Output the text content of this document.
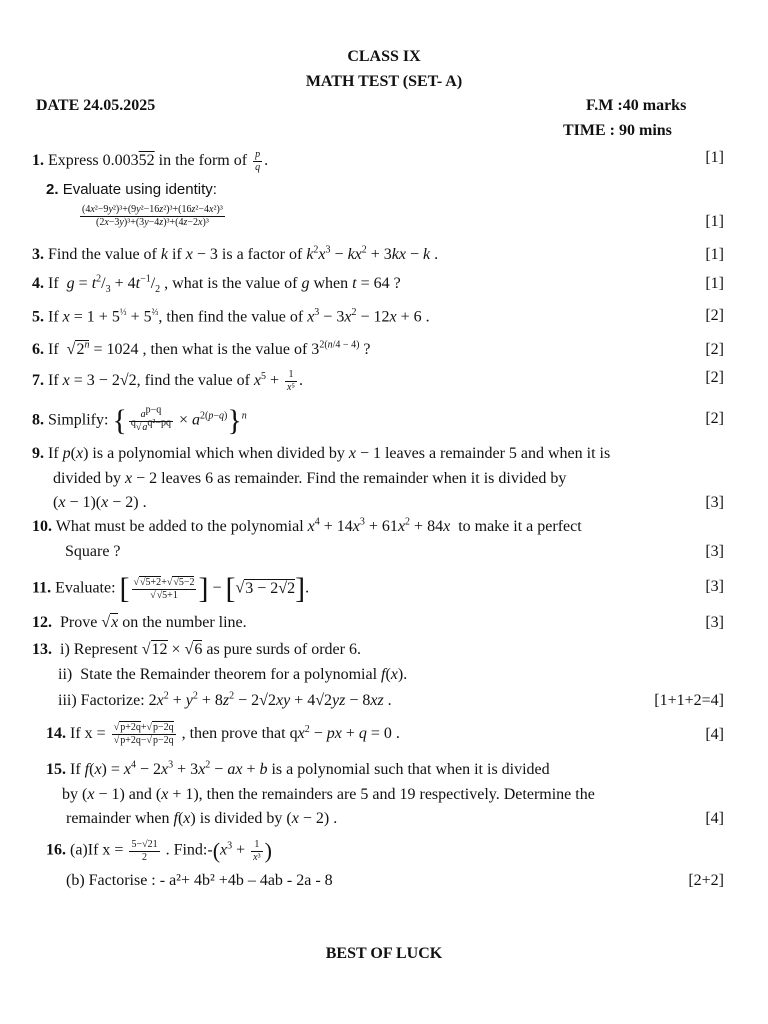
CLASS IX
MATH TEST (SET- A)
DATE 24.05.2025	F.M :40 marks
TIME : 90 mins
1. Express 0.00352 in the form of $\frac{p}{q}$ .	[1]
2. Evaluate using identity:
$\frac{\text{(4x²−9y²)³+(9y²−16z²)³+(16z²−4x²)³}}{\text{(2x−3y)³+(3y−4z)³+(4z−2x)³}}$	[1]
3. Find the value of k if x − 3 is a factor of $k^2x^3 - kx^2 + 3kx - k$ .	[1]
4. If  $g = t^2/_3 + 4t^{-1}/_2$ , what is the value of g when t = 64 ?	[1]
5. If $x = 1 + 5^{\frac{1}{3}} + 5^{\frac{2}{3}}$, then find the value of $x^3 - 3x^2 - 12x + 6$ .	[2]
6. If  $√2^n = 1024$ , then what is the value of $3^{2(n/4 - 4)}$ ?	[2]
7. If x = 3 − 2√2, find the value of $x^5 + \frac{1}{\text{x⁵}}$ .	[2]
8. Simplify: { $\frac{a^{p-q}}{^q√a^{q^2-pq}} \times a^{2(p-q)}\}^n$	[2]
9. If p(x) is a polynomial which when divided by x − 1 leaves a remainder 5 and when it is
divided by x − 2 leaves 6 as remainder. Find the remainder when it is divided by
(x − 1)(x − 2) .	[3]
10. What must be added to the polynomial $x^4 + 14x^3 + 61x^2 + 84x$  to make it a perfect
Square ?	[3]
11. Evaluate: [ $\frac{√√5+2+√√5-2}{√√5+1}$ ] − [√3 − 2√2].	[3]
12.  Prove √x on the number line.	[3]
13.  i) Represent √12 × √6 as pure surds of order 6.
ii)  State the Remainder theorem for a polynomial f(x).
iii) Factorize: $2x^2 + y^2 + 8z^2 - 2√2xy + 4√2yz - 8xz$ .	[1+1+2=4]
14. If $x = \frac{√p+2q+√p-2q}{√p+2q-√p-2q}$ , then prove that $qx^2$ − px + q = 0 .	[4]
15. If $f(x) = x^4 - 2x^3 + 3x^2$ − ax + b is a polynomial such that when it is divided
by (x − 1) and (x + 1), then the remainders are 5 and 19 respectively. Determine the
remainder when f(x) is divided by (x − 2) .	[4]
16. (a)If $x = \frac{5-√21}{2}$ . $Find:-(x^3 + \frac{1}{\text{x³}}$ )
(b) Factorise : - a²+ 4b² +4b – 4ab - 2a - 8	[2+2]
BEST OF LUCK
